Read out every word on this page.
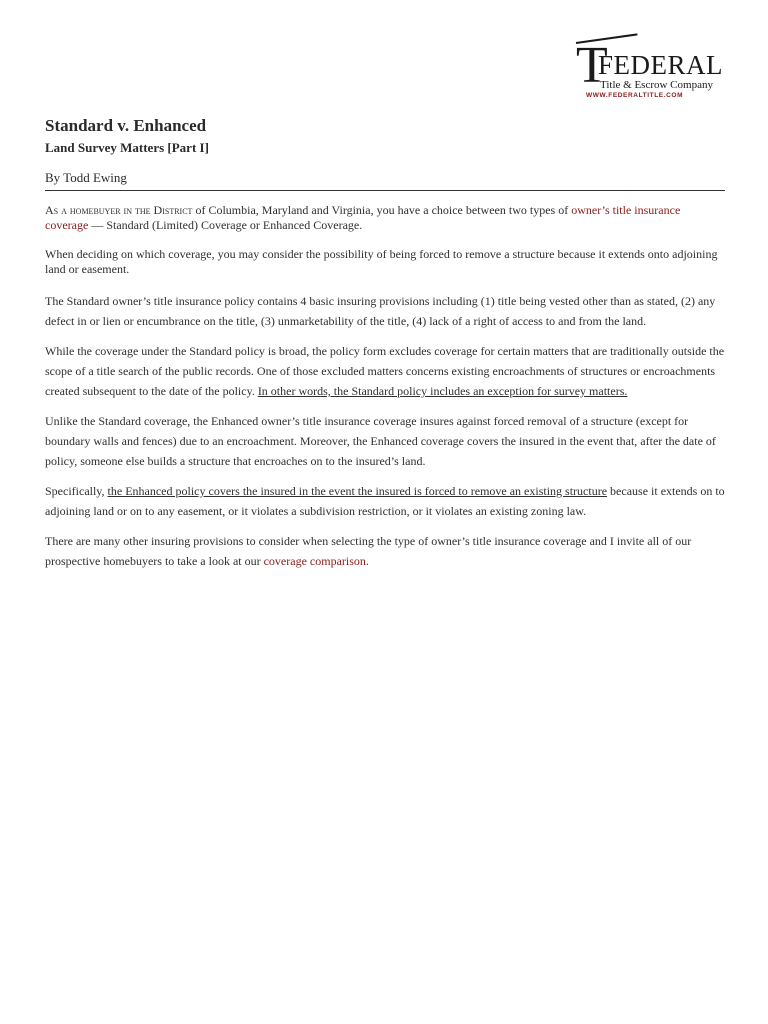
T
FEDERAL
Title & Escrow Company
WWW.FEDERALTITLE.COM
Standard v. Enhanced
Land Survey Matters [Part I]

By Todd Ewing

As a homebuyer in the District of Columbia, Maryland and Virginia, you have a choice between two types of owner’s title insurance coverage — Standard (Limited) Coverage or Enhanced Coverage.

When deciding on which coverage, you may consider the possibility of being forced to remove a structure because it extends onto adjoining land or easement.

The Standard owner’s title insurance policy contains 4 basic insuring provisions including (1) title being vested other than as stated, (2) any defect in or lien or encumbrance on the title, (3) unmarketability of the title, (4) lack of a right of access to and from the land.

While the coverage under the Standard policy is broad, the policy form excludes coverage for certain matters that are traditionally outside the scope of a title search of the public records. One of those excluded matters concerns existing encroachments of structures or encroachments created subsequent to the date of the policy. In other words, the Standard policy includes an exception for survey matters.

Unlike the Standard coverage, the Enhanced owner’s title insurance coverage insures against forced removal of a structure (except for boundary walls and fences) due to an encroachment. Moreover, the Enhanced coverage covers the insured in the event that, after the date of policy, someone else builds a structure that encroaches on to the insured’s land.

Specifically, the Enhanced policy covers the insured in the event the insured is forced to remove an existing structure because it extends on to adjoining land or on to any easement, or it violates a subdivision restriction, or it violates an existing zoning law.

There are many other insuring provisions to consider when selecting the type of owner’s title insurance coverage and I invite all of our prospective homebuyers to take a look at our coverage comparison.
